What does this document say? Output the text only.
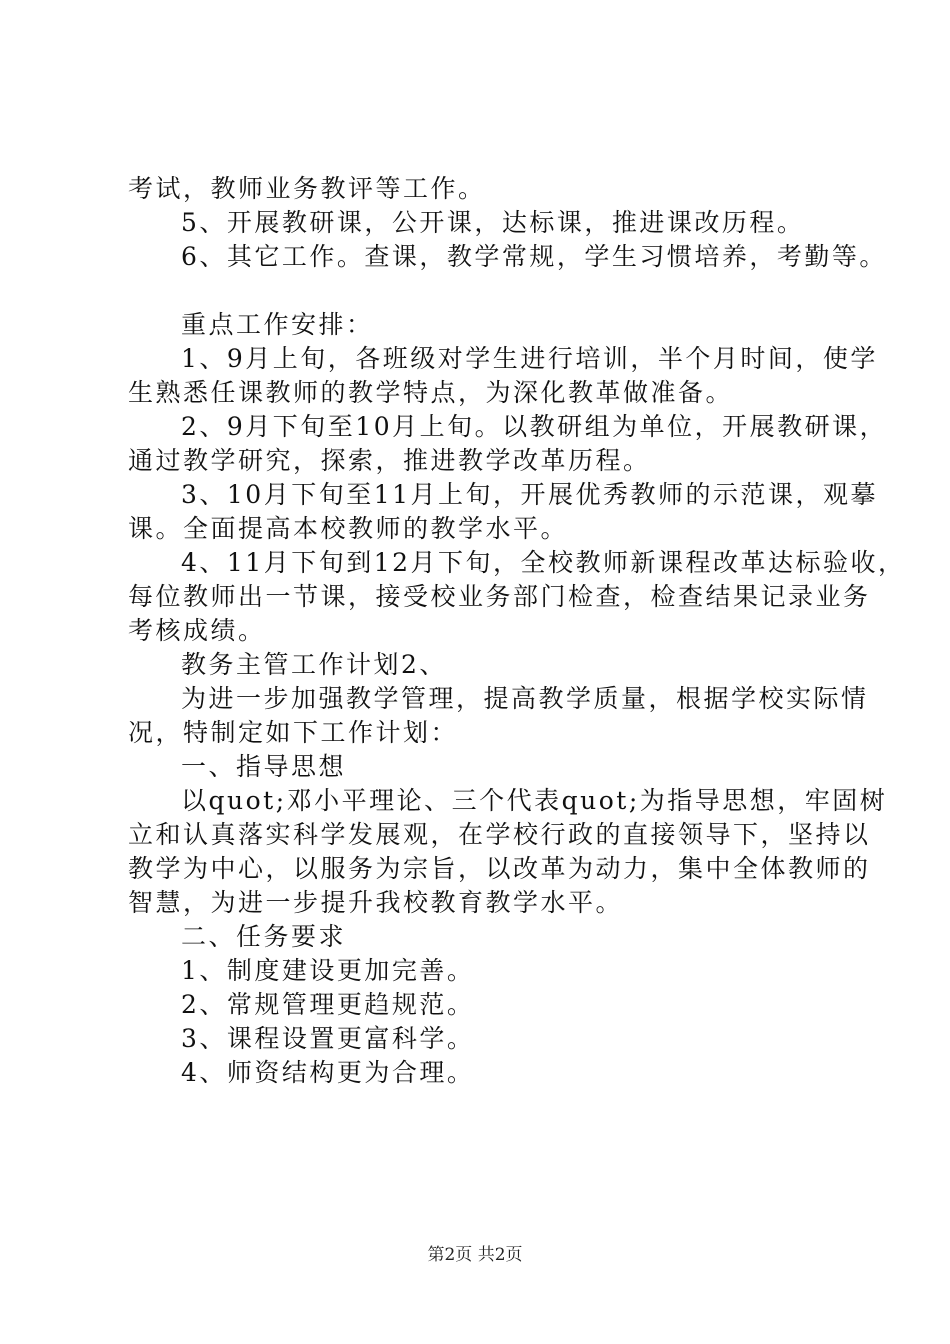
考试，教师业务教评等工作。

5、开展教研课，公开课，达标课，推进课改历程。

6、其它工作。查课，教学常规，学生习惯培养，考勤等。

重点工作安排：

1、9月上旬，各班级对学生进行培训，半个月时间，使学

生熟悉任课教师的教学特点，为深化教革做准备。

2、9月下旬至10月上旬。以教研组为单位，开展教研课，

通过教学研究，探索，推进教学改革历程。

3、10月下旬至11月上旬，开展优秀教师的示范课，观摹

课。全面提高本校教师的教学水平。

4、11月下旬到12月下旬，全校教师新课程改革达标验收，

每位教师出一节课，接受校业务部门检查，检查结果记录业务

考核成绩。

教务主管工作计划2、

为进一步加强教学管理，提高教学质量，根据学校实际情

况，特制定如下工作计划：

一、指导思想

以quot;邓小平理论、三个代表quot;为指导思想，牢固树

立和认真落实科学发展观，在学校行政的直接领导下，坚持以

教学为中心，以服务为宗旨，以改革为动力，集中全体教师的

智慧，为进一步提升我校教育教学水平。

二、任务要求

1、制度建设更加完善。

2、常规管理更趋规范。

3、课程设置更富科学。

4、师资结构更为合理。

第2页 共2页
